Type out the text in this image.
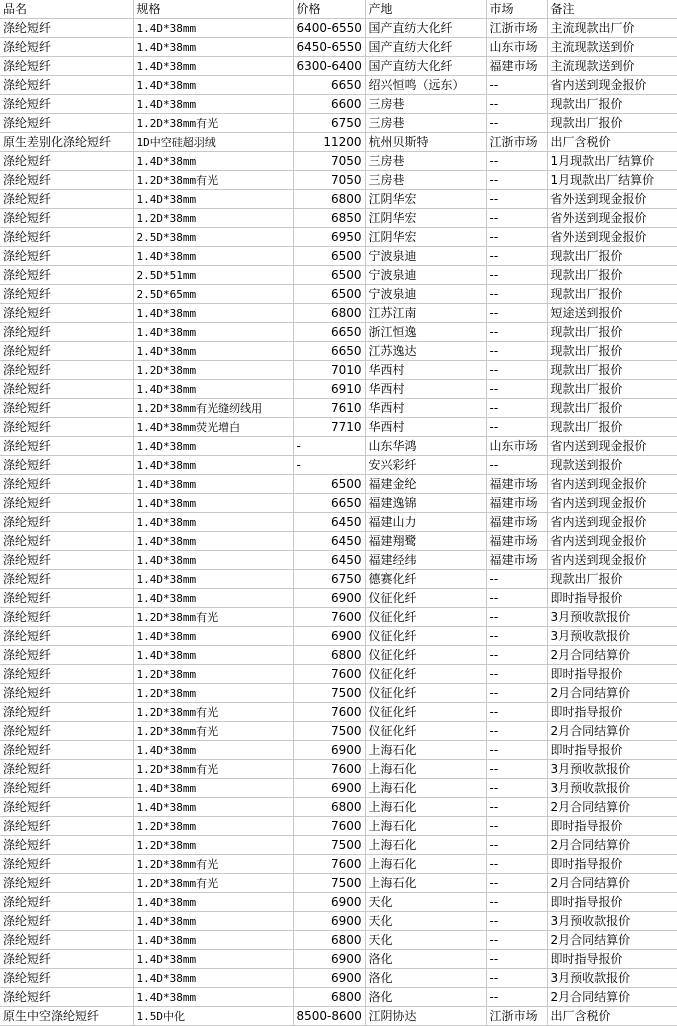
品名	规格	价格	产地	市场	备注
涤纶短纤	1.4D*38mm	6400-6550	国产直纺大化纤	江浙市场	主流现款出厂价
涤纶短纤	1.4D*38mm	6450-6550	国产直纺大化纤	山东市场	主流现款送到价
涤纶短纤	1.4D*38mm	6300-6400	国产直纺大化纤	福建市场	主流现款送到价
涤纶短纤	1.4D*38mm	6650	绍兴恒鸣（远东）	--	省内送到现金报价
涤纶短纤	1.4D*38mm	6600	三房巷	--	现款出厂报价
涤纶短纤	1.2D*38mm有光	6750	三房巷	--	现款出厂报价
原生差别化涤纶短纤	1D中空硅超羽绒	11200	杭州贝斯特	江浙市场	出厂含税价
涤纶短纤	1.4D*38mm	7050	三房巷	--	1月现款出厂结算价
涤纶短纤	1.2D*38mm有光	7050	三房巷	--	1月现款出厂结算价
涤纶短纤	1.4D*38mm	6800	江阴华宏	--	省外送到现金报价
涤纶短纤	1.2D*38mm	6850	江阴华宏	--	省外送到现金报价
涤纶短纤	2.5D*38mm	6950	江阴华宏	--	省外送到现金报价
涤纶短纤	1.4D*38mm	6500	宁波泉迪	--	现款出厂报价
涤纶短纤	2.5D*51mm	6500	宁波泉迪	--	现款出厂报价
涤纶短纤	2.5D*65mm	6500	宁波泉迪	--	现款出厂报价
涤纶短纤	1.4D*38mm	6800	江苏江南	--	短途送到报价
涤纶短纤	1.4D*38mm	6650	浙江恒逸	--	现款出厂报价
涤纶短纤	1.4D*38mm	6650	江苏逸达	--	现款出厂报价
涤纶短纤	1.2D*38mm	7010	华西村	--	现款出厂报价
涤纶短纤	1.4D*38mm	6910	华西村	--	现款出厂报价
涤纶短纤	1.2D*38mm有光缝纫线用	7610	华西村	--	现款出厂报价
涤纶短纤	1.4D*38mm荧光增白	7710	华西村	--	现款出厂报价
涤纶短纤	1.4D*38mm	-	山东华鸿	山东市场	省内送到现金报价
涤纶短纤	1.4D*38mm	-	安兴彩纤	--	现款送到报价
涤纶短纤	1.4D*38mm	6500	福建金纶	福建市场	省内送到现金报价
涤纶短纤	1.4D*38mm	6650	福建逸锦	福建市场	省内送到现金报价
涤纶短纤	1.4D*38mm	6450	福建山力	福建市场	省内送到现金报价
涤纶短纤	1.4D*38mm	6450	福建翔鹭	福建市场	省内送到现金报价
涤纶短纤	1.4D*38mm	6450	福建经纬	福建市场	省内送到现金报价
涤纶短纤	1.4D*38mm	6750	德赛化纤	--	现款出厂报价
涤纶短纤	1.4D*38mm	6900	仪征化纤	--	即时指导报价
涤纶短纤	1.2D*38mm有光	7600	仪征化纤	--	3月预收款报价
涤纶短纤	1.4D*38mm	6900	仪征化纤	--	3月预收款报价
涤纶短纤	1.4D*38mm	6800	仪征化纤	--	2月合同结算价
涤纶短纤	1.2D*38mm	7600	仪征化纤	--	即时指导报价
涤纶短纤	1.2D*38mm	7500	仪征化纤	--	2月合同结算价
涤纶短纤	1.2D*38mm有光	7600	仪征化纤	--	即时指导报价
涤纶短纤	1.2D*38mm有光	7500	仪征化纤	--	2月合同结算价
涤纶短纤	1.4D*38mm	6900	上海石化	--	即时指导报价
涤纶短纤	1.2D*38mm有光	7600	上海石化	--	3月预收款报价
涤纶短纤	1.4D*38mm	6900	上海石化	--	3月预收款报价
涤纶短纤	1.4D*38mm	6800	上海石化	--	2月合同结算价
涤纶短纤	1.2D*38mm	7600	上海石化	--	即时指导报价
涤纶短纤	1.2D*38mm	7500	上海石化	--	2月合同结算价
涤纶短纤	1.2D*38mm有光	7600	上海石化	--	即时指导报价
涤纶短纤	1.2D*38mm有光	7500	上海石化	--	2月合同结算价
涤纶短纤	1.4D*38mm	6900	天化	--	即时指导报价
涤纶短纤	1.4D*38mm	6900	天化	--	3月预收款报价
涤纶短纤	1.4D*38mm	6800	天化	--	2月合同结算价
涤纶短纤	1.4D*38mm	6900	洛化	--	即时指导报价
涤纶短纤	1.4D*38mm	6900	洛化	--	3月预收款报价
涤纶短纤	1.4D*38mm	6800	洛化	--	2月合同结算价
原生中空涤纶短纤	1.5D中化	8500-8600	江阴协达	江浙市场	出厂含税价
